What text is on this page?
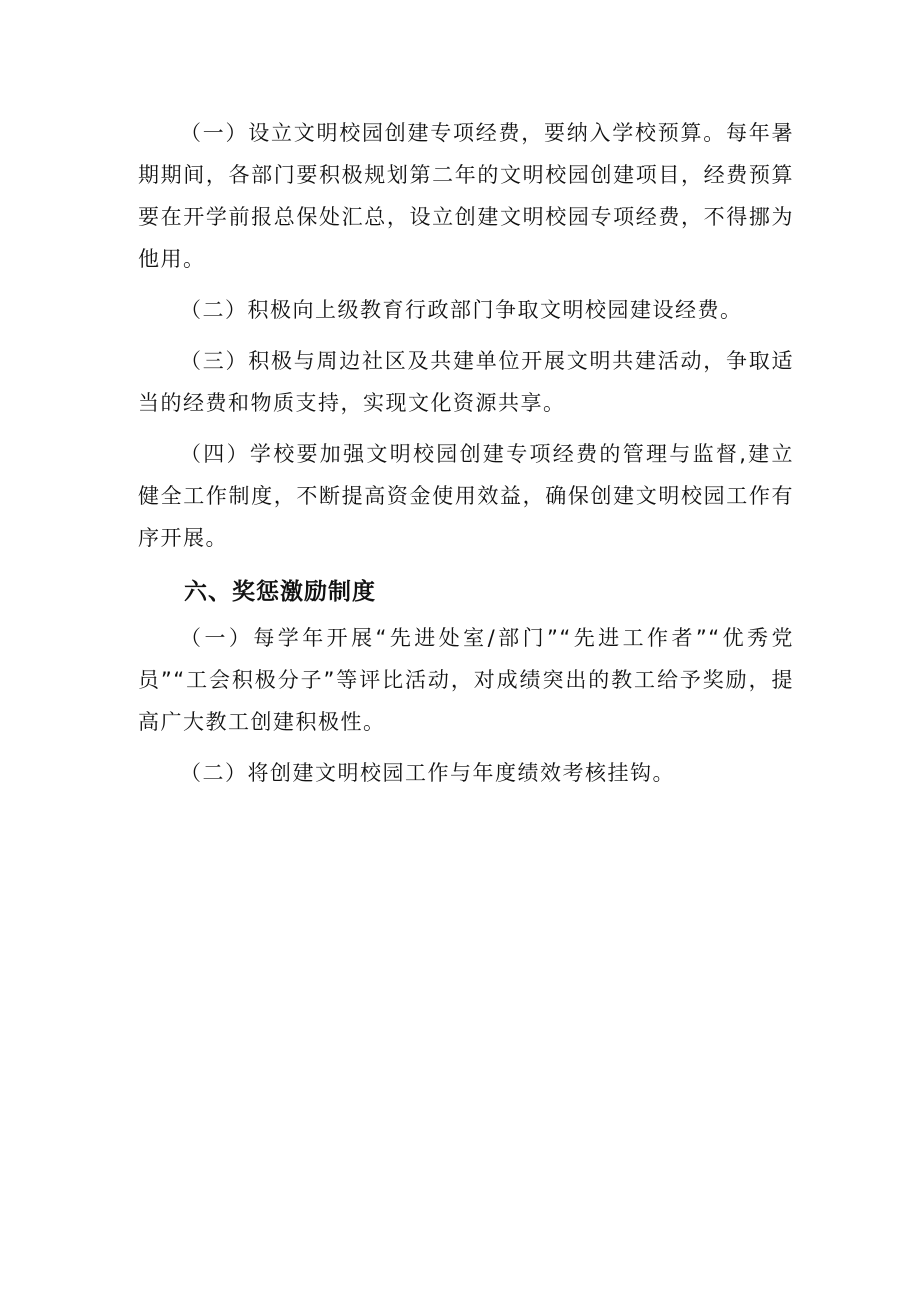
（一）设立文明校园创建专项经费，要纳入学校预算。每年暑期期间，各部门要积极规划第二年的文明校园创建项目，经费预算要在开学前报总保处汇总，设立创建文明校园专项经费，不得挪为他用。

（二）积极向上级教育行政部门争取文明校园建设经费。

（三）积极与周边社区及共建单位开展文明共建活动，争取适当的经费和物质支持，实现文化资源共享。

（四）学校要加强文明校园创建专项经费的管理与监督,建立健全工作制度，不断提高资金使用效益，确保创建文明校园工作有序开展。

六、奖惩激励制度

（一）每学年开展“先进处室/部门”“先进工作者”“优秀党员”“工会积极分子”等评比活动，对成绩突出的教工给予奖励，提高广大教工创建积极性。

（二）将创建文明校园工作与年度绩效考核挂钩。
